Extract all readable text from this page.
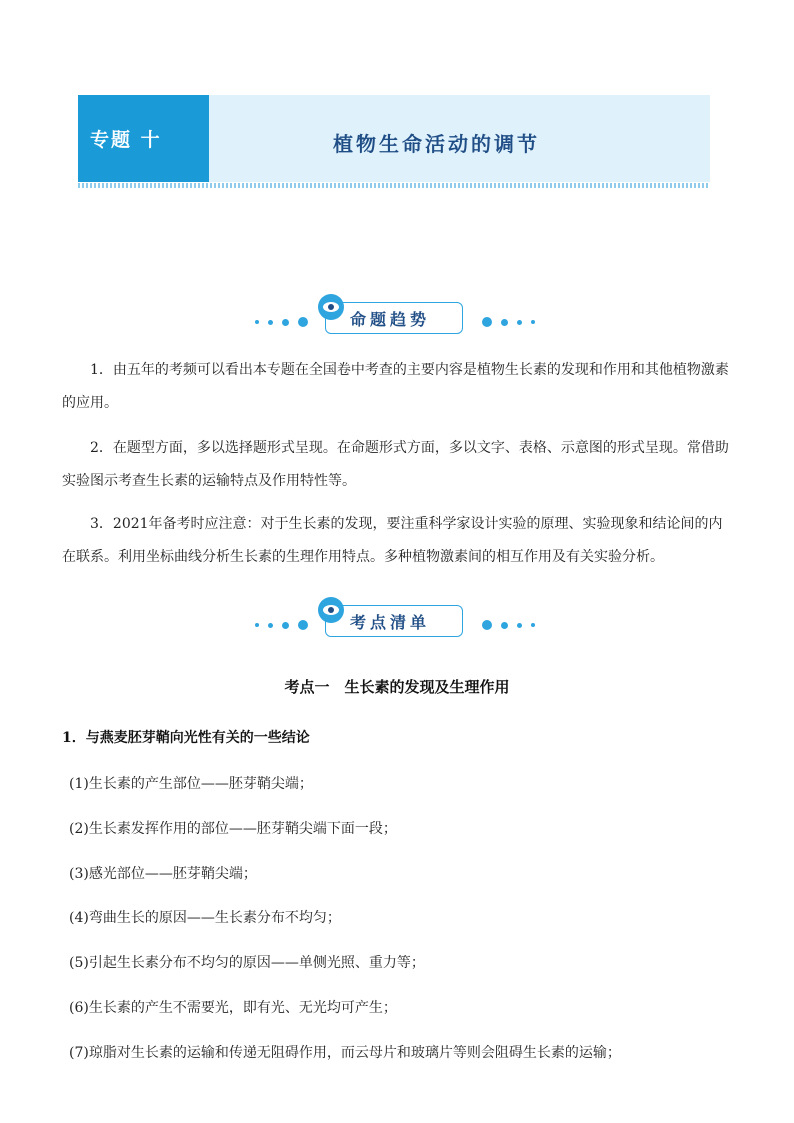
专题 十	植物生命活动的调节
命题趋势

1．由五年的考频可以看出本专题在全国卷中考查的主要内容是植物生长素的发现和作用和其他植物激素的应用。

2．在题型方面，多以选择题形式呈现。在命题形式方面，多以文字、表格、示意图的形式呈现。常借助实验图示考查生长素的运输特点及作用特性等。

3．2021年备考时应注意：对于生长素的发现，要注重科学家设计实验的原理、实验现象和结论间的内在联系。利用坐标曲线分析生长素的生理作用特点。多种植物激素间的相互作用及有关实验分析。

考点清单
考点一　生长素的发现及生理作用
1．与燕麦胚芽鞘向光性有关的一些结论
(1)生长素的产生部位——胚芽鞘尖端；
(2)生长素发挥作用的部位——胚芽鞘尖端下面一段；
(3)感光部位——胚芽鞘尖端；
(4)弯曲生长的原因——生长素分布不均匀；
(5)引起生长素分布不均匀的原因——单侧光照、重力等；
(6)生长素的产生不需要光，即有光、无光均可产生；
(7)琼脂对生长素的运输和传递无阻碍作用，而云母片和玻璃片等则会阻碍生长素的运输；
